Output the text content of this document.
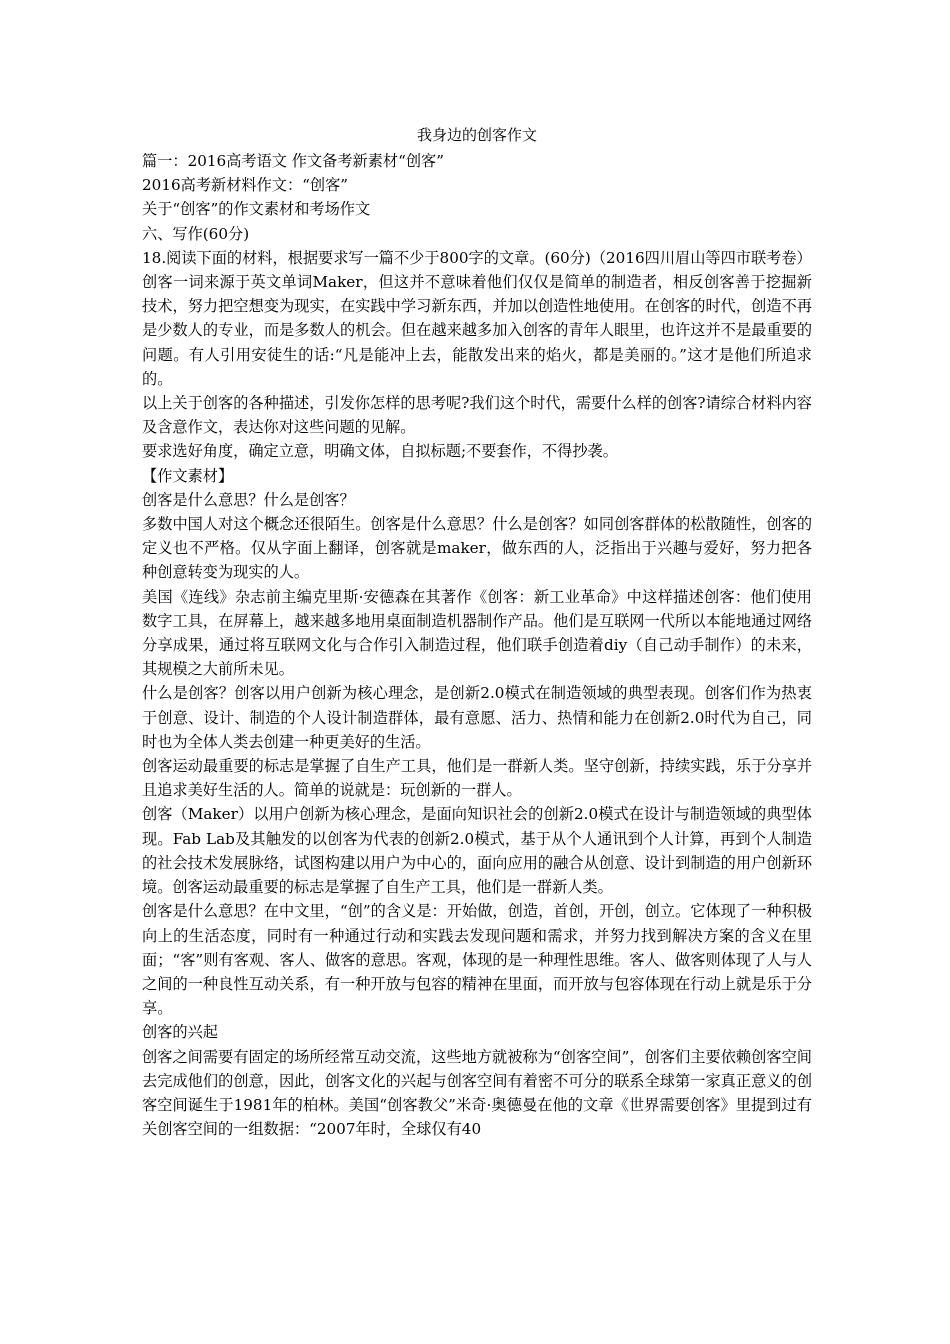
我身边的创客作文

篇一：2016高考语文 作文备考新素材“创客”

2016高考新材料作文：“创客”

关于“创客”的作文素材和考场作文

六、写作(60分)

18.阅读下面的材料，根据要求写一篇不少于800字的文章。(60分)（2016四川眉山等四市联考卷）

创客一词来源于英文单词Maker，但这并不意味着他们仅仅是简单的制造者，相反创客善于挖掘新技术，努力把空想变为现实，在实践中学习新东西，并加以创造性地使用。在创客的时代，创造不再是少数人的专业，而是多数人的机会。但在越来越多加入创客的青年人眼里，也许这并不是最重要的问题。有人引用安徒生的话:“凡是能冲上去，能散发出来的焰火，都是美丽的。”这才是他们所追求的。

以上关于创客的各种描述，引发你怎样的思考呢?我们这个时代，需要什么样的创客?请综合材料内容及含意作文，表达你对这些问题的见解。

要求选好角度，确定立意，明确文体，自拟标题;不要套作，不得抄袭。

【作文素材】

创客是什么意思？什么是创客？

多数中国人对这个概念还很陌生。创客是什么意思？什么是创客？如同创客群体的松散随性，创客的定义也不严格。仅从字面上翻译，创客就是maker，做东西的人，泛指出于兴趣与爱好，努力把各种创意转变为现实的人。

美国《连线》杂志前主编克里斯·安德森在其著作《创客：新工业革命》中这样描述创客：他们使用数字工具，在屏幕上，越来越多地用桌面制造机器制作产品。他们是互联网一代所以本能地通过网络分享成果，通过将互联网文化与合作引入制造过程，他们联手创造着diy（自己动手制作）的未来，其规模之大前所未见。

什么是创客？创客以用户创新为核心理念，是创新2.0模式在制造领域的典型表现。创客们作为热衷于创意、设计、制造的个人设计制造群体，最有意愿、活力、热情和能力在创新2.0时代为自己，同时也为全体人类去创建一种更美好的生活。

创客运动最重要的标志是掌握了自生产工具，他们是一群新人类。坚守创新，持续实践，乐于分享并且追求美好生活的人。简单的说就是：玩创新的一群人。

创客（Maker）以用户创新为核心理念，是面向知识社会的创新2.0模式在设计与制造领域的典型体现。Fab Lab及其触发的以创客为代表的创新2.0模式，基于从个人通讯到个人计算，再到个人制造的社会技术发展脉络，试图构建以用户为中心的，面向应用的融合从创意、设计到制造的用户创新环境。创客运动最重要的标志是掌握了自生产工具，他们是一群新人类。

创客是什么意思？在中文里，“创”的含义是：开始做，创造，首创，开创，创立。它体现了一种积极向上的生活态度，同时有一种通过行动和实践去发现问题和需求，并努力找到解决方案的含义在里面；“客”则有客观、客人、做客的意思。客观，体现的是一种理性思维。客人、做客则体现了人与人之间的一种良性互动关系，有一种开放与包容的精神在里面，而开放与包容体现在行动上就是乐于分享。

创客的兴起

创客之间需要有固定的场所经常互动交流，这些地方就被称为“创客空间”，创客们主要依赖创客空间去完成他们的创意，因此，创客文化的兴起与创客空间有着密不可分的联系全球第一家真正意义的创客空间诞生于1981年的柏林。美国“创客教父”米奇·奥德曼在他的文章《世界需要创客》里提到过有关创客空间的一组数据：“2007年时，全球仅有40
